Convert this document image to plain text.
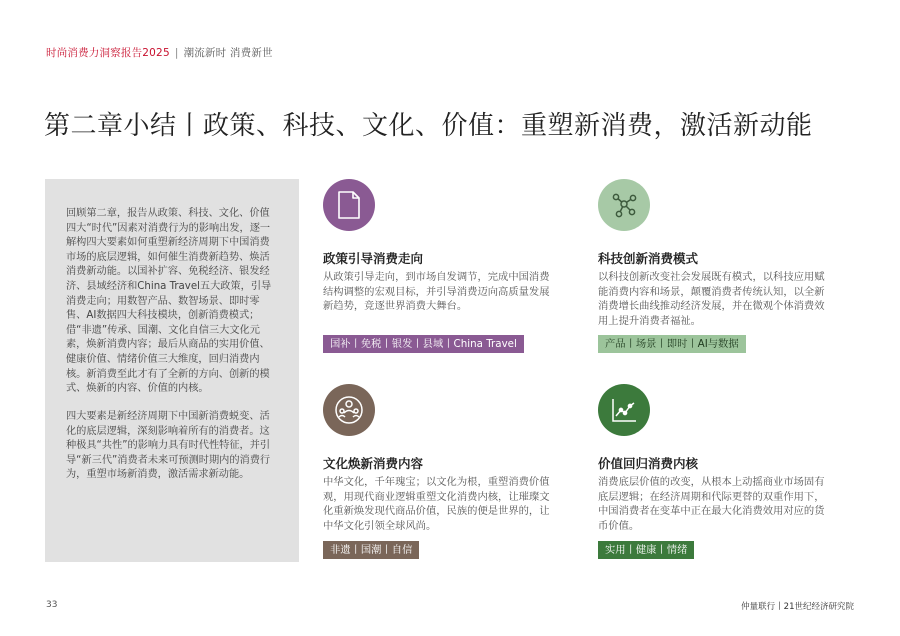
时尚消费力洞察报告2025 | 潮流新时 消费新世
第二章小结丨政策、科技、文化、价值：重塑新消费，激活新动能

回顾第二章，报告从政策、科技、文化、价值四大“时代”因素对消费行为的影响出发，逐一解构四大要素如何重塑新经济周期下中国消费市场的底层逻辑，如何催生消费新趋势、焕活消费新动能。以国补扩容、免税经济、银发经济、县域经济和China Travel五大政策，引导消费走向；用数智产品、数智场景、即时零售、AI数据四大科技模块，创新消费模式；借“非遗”传承、国潮、文化自信三大文化元素，焕新消费内容；最后从商品的实用价值、健康价值、情绪价值三大维度，回归消费内核。新消费至此才有了全新的方向、创新的模式、焕新的内容、价值的内核。

四大要素是新经济周期下中国新消费蜕变、活化的底层逻辑，深刻影响着所有的消费者。这种极具“共性”的影响力具有时代性特征，并引导“新三代”消费者未来可预测时期内的消费行为，重塑市场新消费，激活需求新动能。

政策引导消费走向

从政策引导走向，到市场自发调节，完成中国消费结构调整的宏观目标，并引导消费迈向高质量发展新趋势，竞逐世界消费大舞台。

国补丨免税丨银发丨县域丨China Travel
科技创新消费模式

以科技创新改变社会发展既有模式，以科技应用赋能消费内容和场景，颠覆消费者传统认知，以全新消费增长曲线推动经济发展，并在微观个体消费效用上提升消费者福祉。

产品丨场景丨即时丨AI与数据
文化焕新消费内容

中华文化，千年瑰宝；以文化为根，重塑消费价值观，用现代商业逻辑重塑文化消费内核，让璀璨文化重新焕发现代商品价值，民族的便是世界的，让中华文化引领全球风尚。

非遗丨国潮丨自信
价值回归消费内核

消费底层价值的改变，从根本上动摇商业市场固有底层逻辑；在经济周期和代际更替的双重作用下，中国消费者在变革中正在最大化消费效用对应的货币价值。

实用丨健康丨情绪
33	仲量联行丨21世纪经济研究院
